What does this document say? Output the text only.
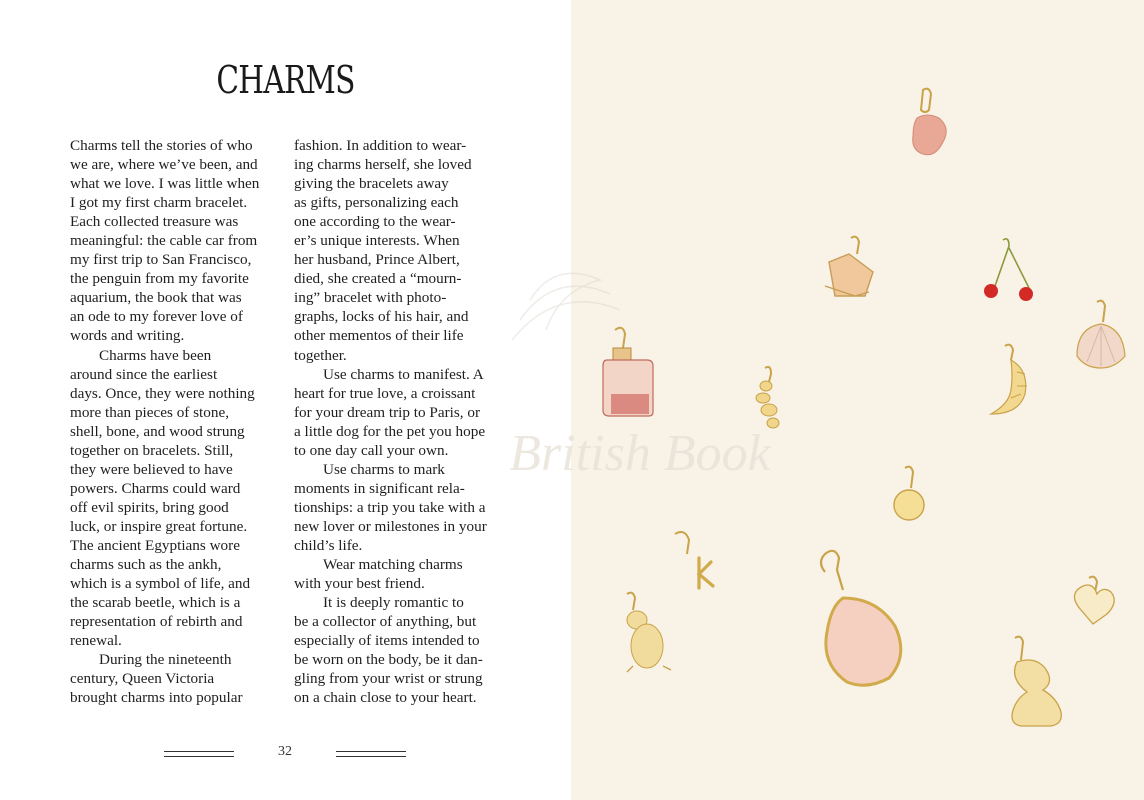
CHARMS
Charms tell the stories of who
we are, where we’ve been, and
what we love. I was little when
I got my first charm bracelet.
Each collected treasure was
meaningful: the cable car from
my first trip to San Francisco,
the penguin from my favorite
aquarium, the book that was
an ode to my forever love of
words and writing.
Charms have been
around since the earliest
days. Once, they were nothing
more than pieces of stone,
shell, bone, and wood strung
together on bracelets. Still,
they were believed to have
powers. Charms could ward
off evil spirits, bring good
luck, or inspire great fortune.
The ancient Egyptians wore
charms such as the ankh,
which is a symbol of life, and
the scarab beetle, which is a
representation of rebirth and
renewal.
During the nineteenth
century, Queen Victoria
brought charms into popular
fashion. In addition to wear-
ing charms herself, she loved
giving the bracelets away
as gifts, personalizing each
one according to the wear-
er’s unique interests. When
her husband, Prince Albert,
died, she created a “mourn-
ing” bracelet with photo-
graphs, locks of his hair, and
other mementos of their life
together.
Use charms to manifest. A
heart for true love, a croissant
for your dream trip to Paris, or
a little dog for the pet you hope
to one day call your own.
Use charms to mark
moments in significant rela-
tionships: a trip you take with a
new lover or milestones in your
child’s life.
Wear matching charms
with your best friend.
It is deeply romantic to
be a collector of anything, but
especially of items intended to
be worn on the body, be it dan-
gling from your wrist or strung
on a chain close to your heart.
32
British Book
